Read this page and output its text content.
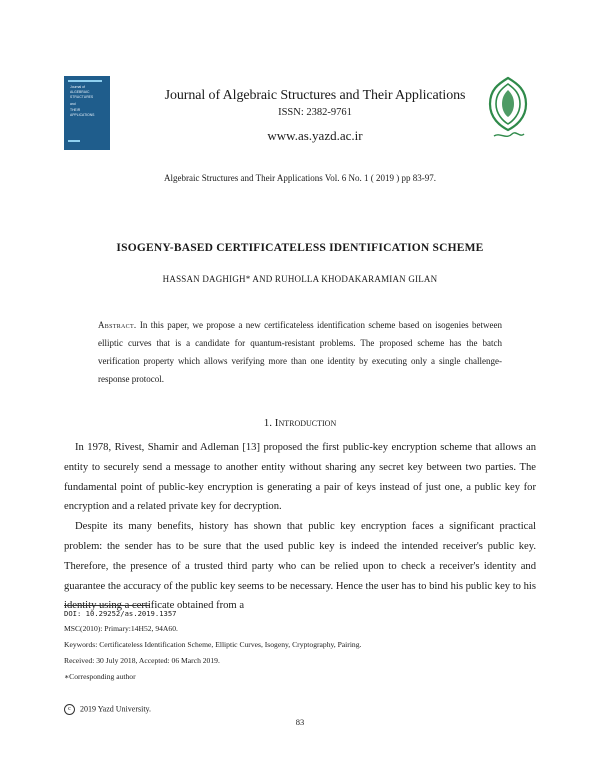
Journal of
ALGEBRAIC
STRUCTURES
and
THEIR
APPLICATIONS
Journal of Algebraic Structures and Their Applications
ISSN: 2382-9761
www.as.yazd.ac.ir
Algebraic Structures and Their Applications Vol. 6 No. 1 ( 2019 ) pp 83-97.
ISOGENY-BASED CERTIFICATELESS IDENTIFICATION SCHEME
HASSAN DAGHIGH* AND RUHOLLA KHODAKARAMIAN GILAN
Abstract. In this paper, we propose a new certificateless identification scheme based on isogenies between elliptic curves that is a candidate for quantum-resistant problems. The proposed scheme has the batch verification property which allows verifying more than one identity by executing only a single challenge-response protocol.
1. Introduction

In 1978, Rivest, Shamir and Adleman [13] proposed the first public-key encryption scheme that allows an entity to securely send a message to another entity without sharing any secret key between two parties. The fundamental point of public-key encryption is generating a pair of keys instead of just one, a public key for encryption and a related private key for decryption.

Despite its many benefits, history has shown that public key encryption faces a significant practical problem: the sender has to be sure that the used public key is indeed the intended receiver's public key. Therefore, the presence of a trusted third party who can be relied upon to check a receiver's identity and guarantee the accuracy of the public key seems to be necessary. Hence the user has to bind his public key to his identity using a certificate obtained from a

DOI: 10.29252/as.2019.1357
MSC(2010): Primary:14H52, 94A60.
Keywords: Certificateless Identification Scheme, Elliptic Curves, Isogeny, Cryptography, Pairing.
Received: 30 July 2018, Accepted: 06 March 2019.
∗Corresponding author
c 2019 Yazd University.
83
